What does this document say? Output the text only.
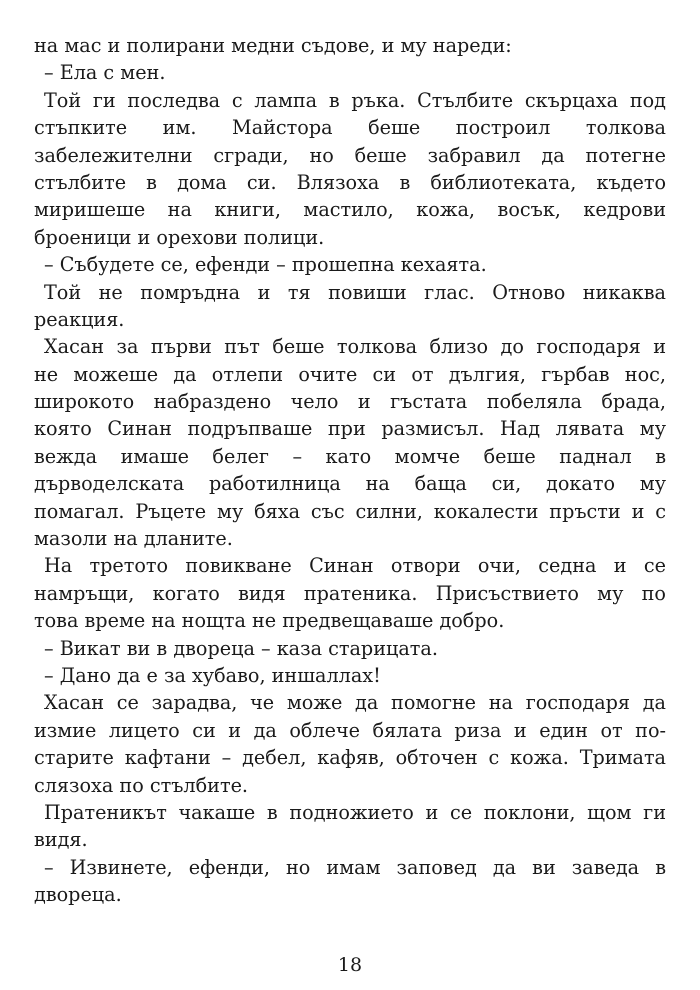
на мас и полирани медни съдове, и му нареди:
– Ела с мен.
Той ги последва с лампа в ръка. Стълбите скърцаха под
стъпките им. Майстора беше построил толкова
забележителни сгради, но беше забравил да потегне
стълбите в дома си. Влязоха в библиотеката, където
миришеше на книги, мастило, кожа, восък, кедрови
броеници и орехови полици.
– Събудете се, ефенди – прошепна кехаята.
Той не помръдна и тя повиши глас. Отново никаква
реакция.
Хасан за първи път беше толкова близо до господаря и
не можеше да отлепи очите си от дългия, гърбав нос,
широкото набраздено чело и гъстата побеляла брада,
която Синан подръпваше при размисъл. Над лявата му
вежда имаше белег – като момче беше паднал в
дърводелската работилница на баща си, докато му
помагал. Ръцете му бяха със силни, кокалести пръсти и с
мазоли на дланите.
На третото повикване Синан отвори очи, седна и се
намръщи, когато видя пратеника. Присъствието му по
това време на нощта не предвещаваше добро.
– Викат ви в двореца – каза старицата.
– Дано да е за хубаво, иншаллах!
Хасан се зарадва, че може да помогне на господаря да
измие лицето си и да облече бялата риза и един от по-
старите кафтани – дебел, кафяв, обточен с кожа. Тримата
слязоха по стълбите.
Пратеникът чакаше в подножието и се поклони, щом ги
видя.
– Извинете, ефенди, но имам заповед да ви заведа в
двореца.
18
